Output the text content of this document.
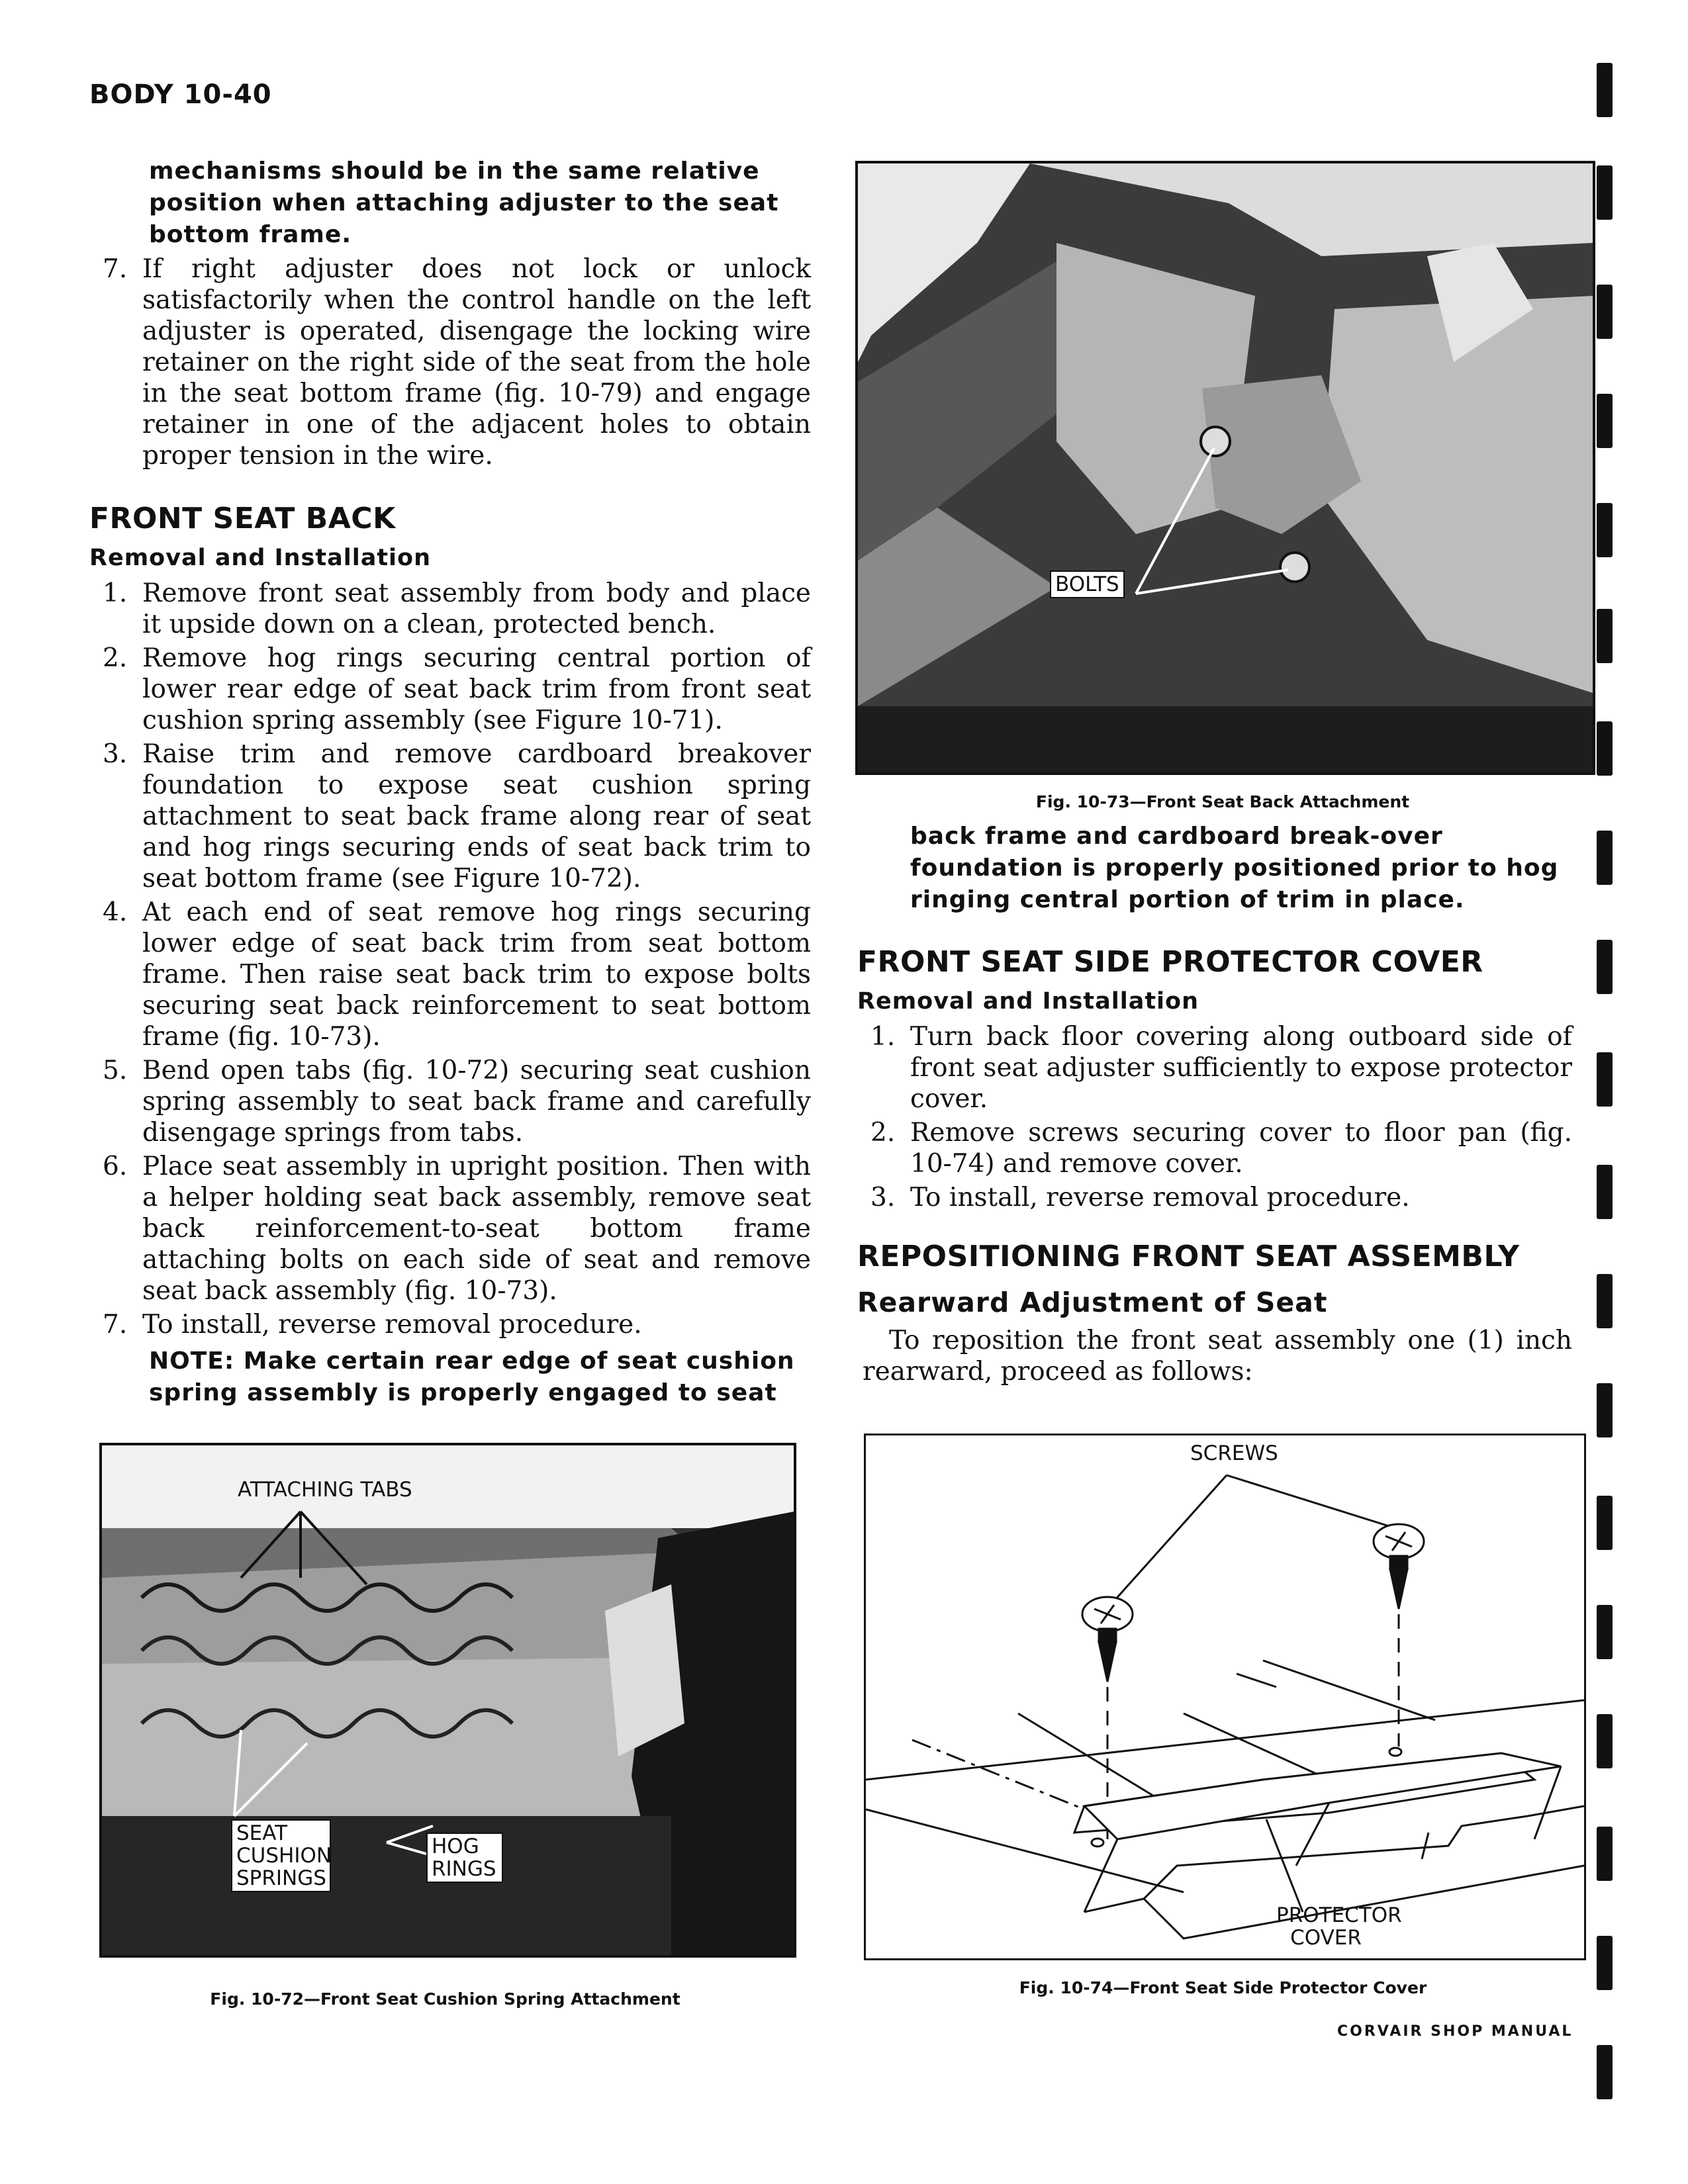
BODY 10-40

mechanisms should be in the same relative position when attaching adjuster to the seat bottom frame.

7. If right adjuster does not lock or unlock satisfactorily when the control handle on the left adjuster is operated, disengage the locking wire retainer on the right side of the seat from the hole in the seat bottom frame (fig. 10-79) and engage retainer in one of the adjacent holes to obtain proper tension in the wire.
FRONT SEAT BACK
Removal and Installation
1. Remove front seat assembly from body and place it upside down on a clean, protected bench.
2. Remove hog rings securing central portion of lower rear edge of seat back trim from front seat cushion spring assembly (see Figure 10-71).
3. Raise trim and remove cardboard breakover foundation to expose seat cushion spring attachment to seat back frame along rear of seat and hog rings securing ends of seat back trim to seat bottom frame (see Figure 10-72).
4. At each end of seat remove hog rings securing lower edge of seat back trim from seat bottom frame. Then raise seat back trim to expose bolts securing seat back reinforcement to seat bottom frame (fig. 10-73).
5. Bend open tabs (fig. 10-72) securing seat cushion spring assembly to seat back frame and carefully disengage springs from tabs.
6. Place seat assembly in upright position. Then with a helper holding seat back assembly, remove seat back reinforcement-to-seat bottom frame attaching bolts on each side of seat and remove seat back assembly (fig. 10-73).
7. To install, reverse removal procedure.

NOTE: Make certain rear edge of seat cushion spring assembly is properly engaged to seat

BOLTS
Fig. 10-73—Front Seat Back Attachment

back frame and cardboard break-over foundation is properly positioned prior to hog ringing central portion of trim in place.

FRONT SEAT SIDE PROTECTOR COVER
Removal and Installation
1. Turn back floor covering along outboard side of front seat adjuster sufficiently to expose protector cover.
2. Remove screws securing cover to floor pan (fig. 10-74) and remove cover.
3. To install, reverse removal procedure.
REPOSITIONING FRONT SEAT ASSEMBLY
Rearward Adjustment of Seat

To reposition the front seat assembly one (1) inch rearward, proceed as follows:

ATTACHING TABS
SEAT CUSHION SPRINGS
HOG RINGS
Fig. 10-72—Front Seat Cushion Spring Attachment
SCREWS
PROTECTOR COVER
Fig. 10-74—Front Seat Side Protector Cover
CORVAIR SHOP MANUAL
